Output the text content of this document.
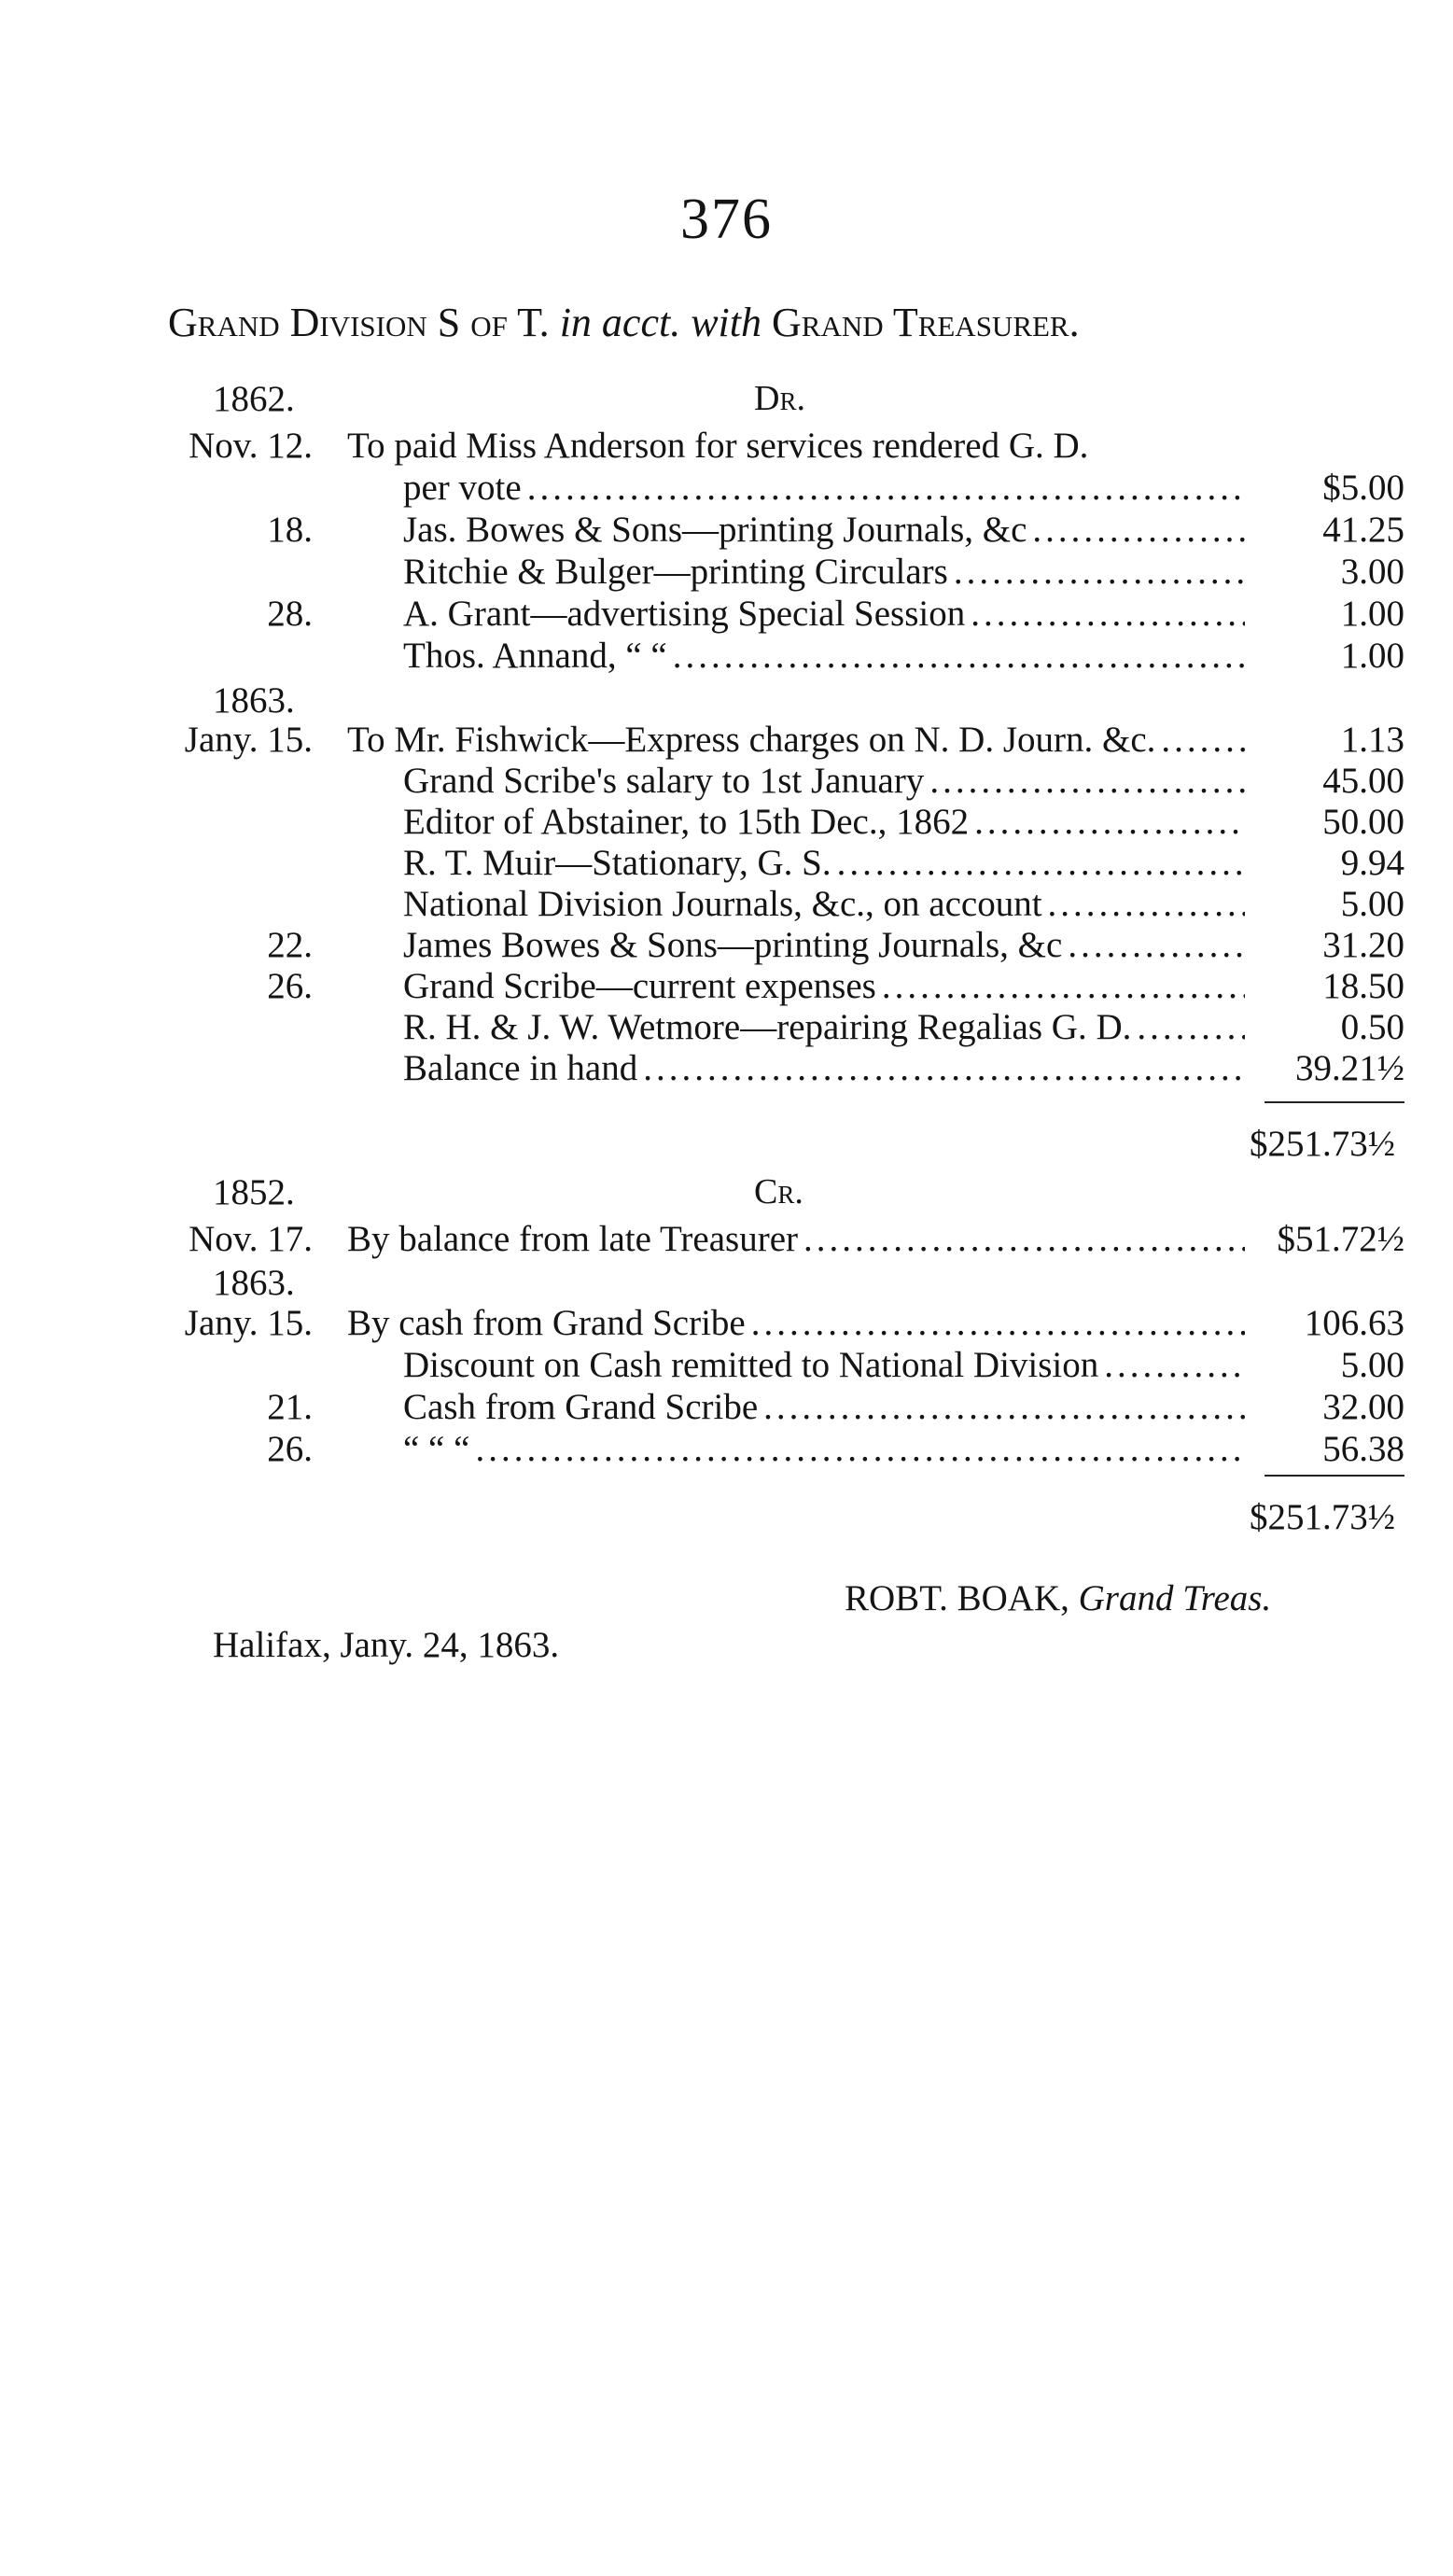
376
Grand Division S of T. in acct. with Grand Treasurer.
1862.	Dr.
Nov. 12. To paid Miss Anderson for services rendered G. D.
per vote .....	$5.00
18. Jas. Bowes & Sons—printing Journals, &c .....	41.25
Ritchie & Bulger—printing Circulars .....	3.00
28. A. Grant—advertising Special Session .....	1.00
Thos. Annand, “ “ .....	1.00
1863.
Jany. 15. To Mr. Fishwick—Express charges on N. D. Journ. &c. .....	1.13
Grand Scribe's salary to 1st January .....	45.00
Editor of Abstainer, to 15th Dec., 1862 .....	50.00
R. T. Muir—Stationary, G. S. .....	9.94
National Division Journals, &c., on account .....	5.00
22. James Bowes & Sons—printing Journals, &c .....	31.20
26. Grand Scribe—current expenses .....	18.50
R. H. & J. W. Wetmore—repairing Regalias G. D. .....	0.50
Balance in hand .....	39.21½
$251.73½
1852.	Cr.
Nov. 17. By balance from late Treasurer .....	$51.72½
1863.
Jany. 15. By cash from Grand Scribe .....	106.63
Discount on Cash remitted to National Division .....	5.00
21. Cash from Grand Scribe .....	32.00
26. “ “ “ .....	56.38
$251.73½
ROBT. BOAK, Grand Treas.
Halifax, Jany. 24, 1863.
